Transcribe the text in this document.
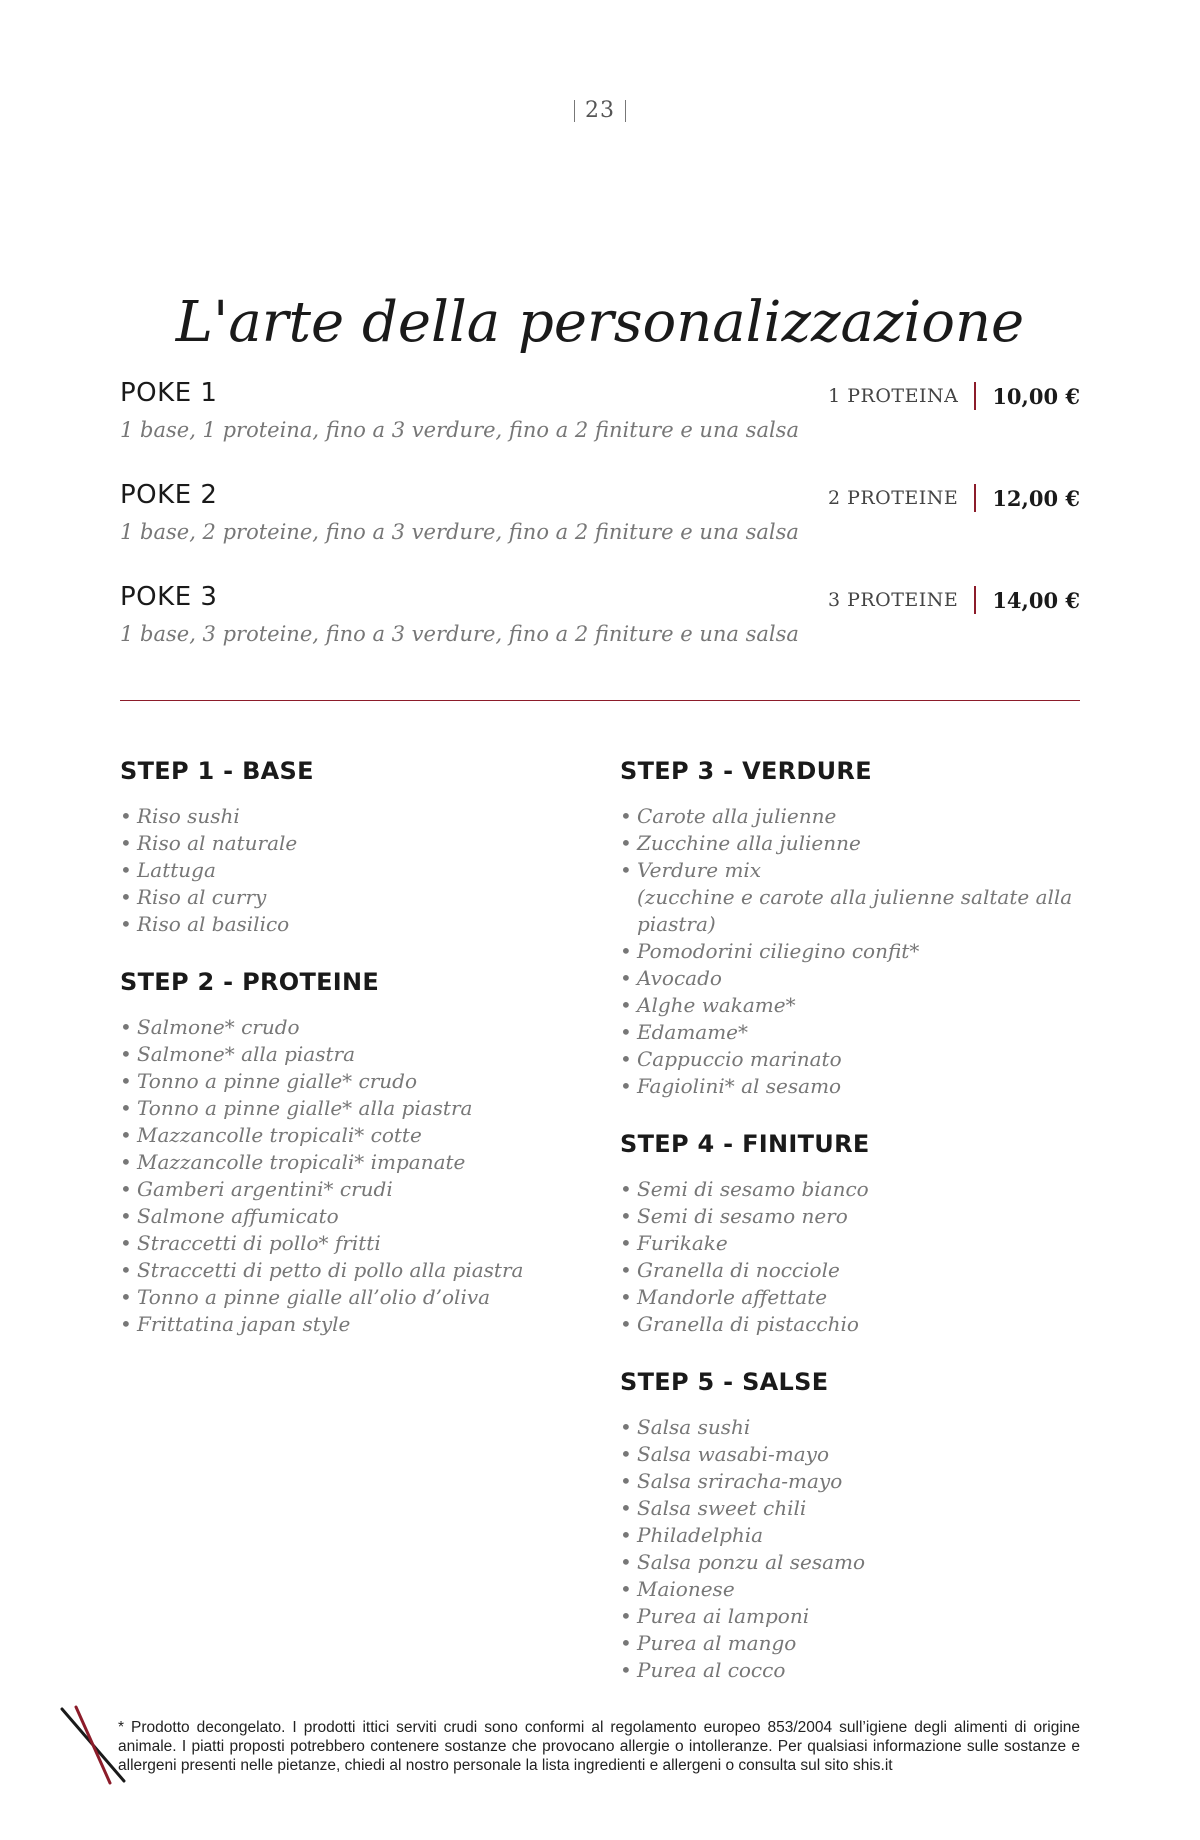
23
L'arte della personalizzazione
POKE 1
1 base, 1 proteina, fino a 3 verdure, fino a 2 finiture e una salsa
1 PROTEINA 10,00 €
POKE 2
1 base, 2 proteine, fino a 3 verdure, fino a 2 finiture e una salsa
2 PROTEINE 12,00 €
POKE 3
1 base, 3 proteine, fino a 3 verdure, fino a 2 finiture e una salsa
3 PROTEINE 14,00 €
STEP 1 - BASE
• Riso sushi
• Riso al naturale
• Lattuga
• Riso al curry
• Riso al basilico
STEP 2 - PROTEINE
• Salmone* crudo
• Salmone* alla piastra
• Tonno a pinne gialle* crudo
• Tonno a pinne gialle* alla piastra
• Mazzancolle tropicali* cotte
• Mazzancolle tropicali* impanate
• Gamberi argentini* crudi
• Salmone affumicato
• Straccetti di pollo* fritti
• Straccetti di petto di pollo alla piastra
• Tonno a pinne gialle all’olio d’oliva
• Frittatina japan style
STEP 3 - VERDURE
• Carote alla julienne
• Zucchine alla julienne
• Verdure mix
(zucchine e carote alla julienne saltate alla piastra)
• Pomodorini ciliegino confit*
• Avocado
• Alghe wakame*
• Edamame*
• Cappuccio marinato
• Fagiolini* al sesamo
STEP 4 - FINITURE
• Semi di sesamo bianco
• Semi di sesamo nero
• Furikake
• Granella di nocciole
• Mandorle affettate
• Granella di pistacchio
STEP 5 - SALSE
• Salsa sushi
• Salsa wasabi-mayo
• Salsa sriracha-mayo
• Salsa sweet chili
• Philadelphia
• Salsa ponzu al sesamo
• Maionese
• Purea ai lamponi
• Purea al mango
• Purea al cocco
* Prodotto decongelato. I prodotti ittici serviti crudi sono conformi al regolamento europeo 853/2004 sull’igiene degli alimenti di origine animale. I piatti proposti potrebbero contenere sostanze che provocano allergie o intolleranze. Per qualsiasi informazione sulle sostanze e allergeni presenti nelle pietanze, chiedi al nostro personale la lista ingredienti e allergeni o consulta sul sito shis.it
